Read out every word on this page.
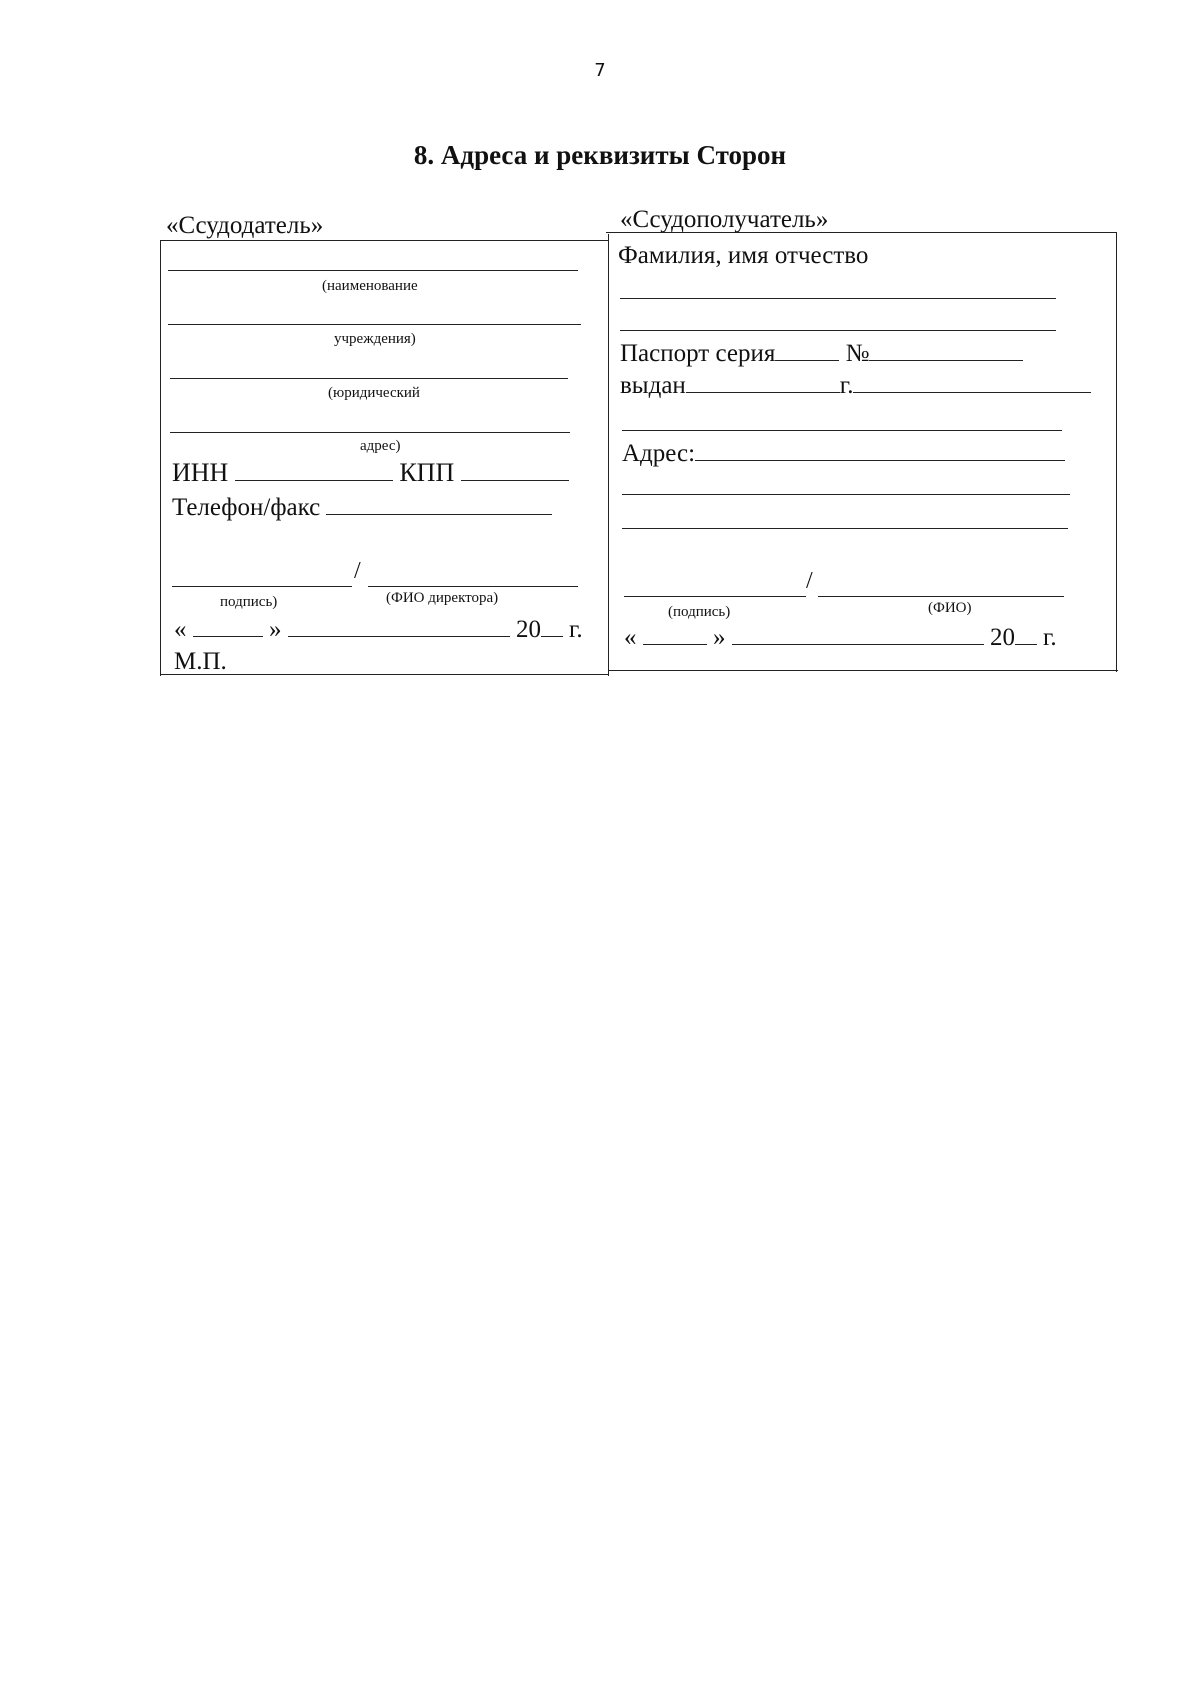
7
8. Адреса и реквизиты Сторон
«Ссудодатель»	«Ссудополучатель»
(наименование
учреждения)
(юридический
адрес)
ИНН	КПП
Телефон/факс
/
подпись)	(ФИО директора)
«	»	20 г.
М.П.
Фамилия, имя отчество
Паспорт серия	№
выдан	г.
Адрес:
/
(подпись)	(ФИО)
«	»	20 г.
